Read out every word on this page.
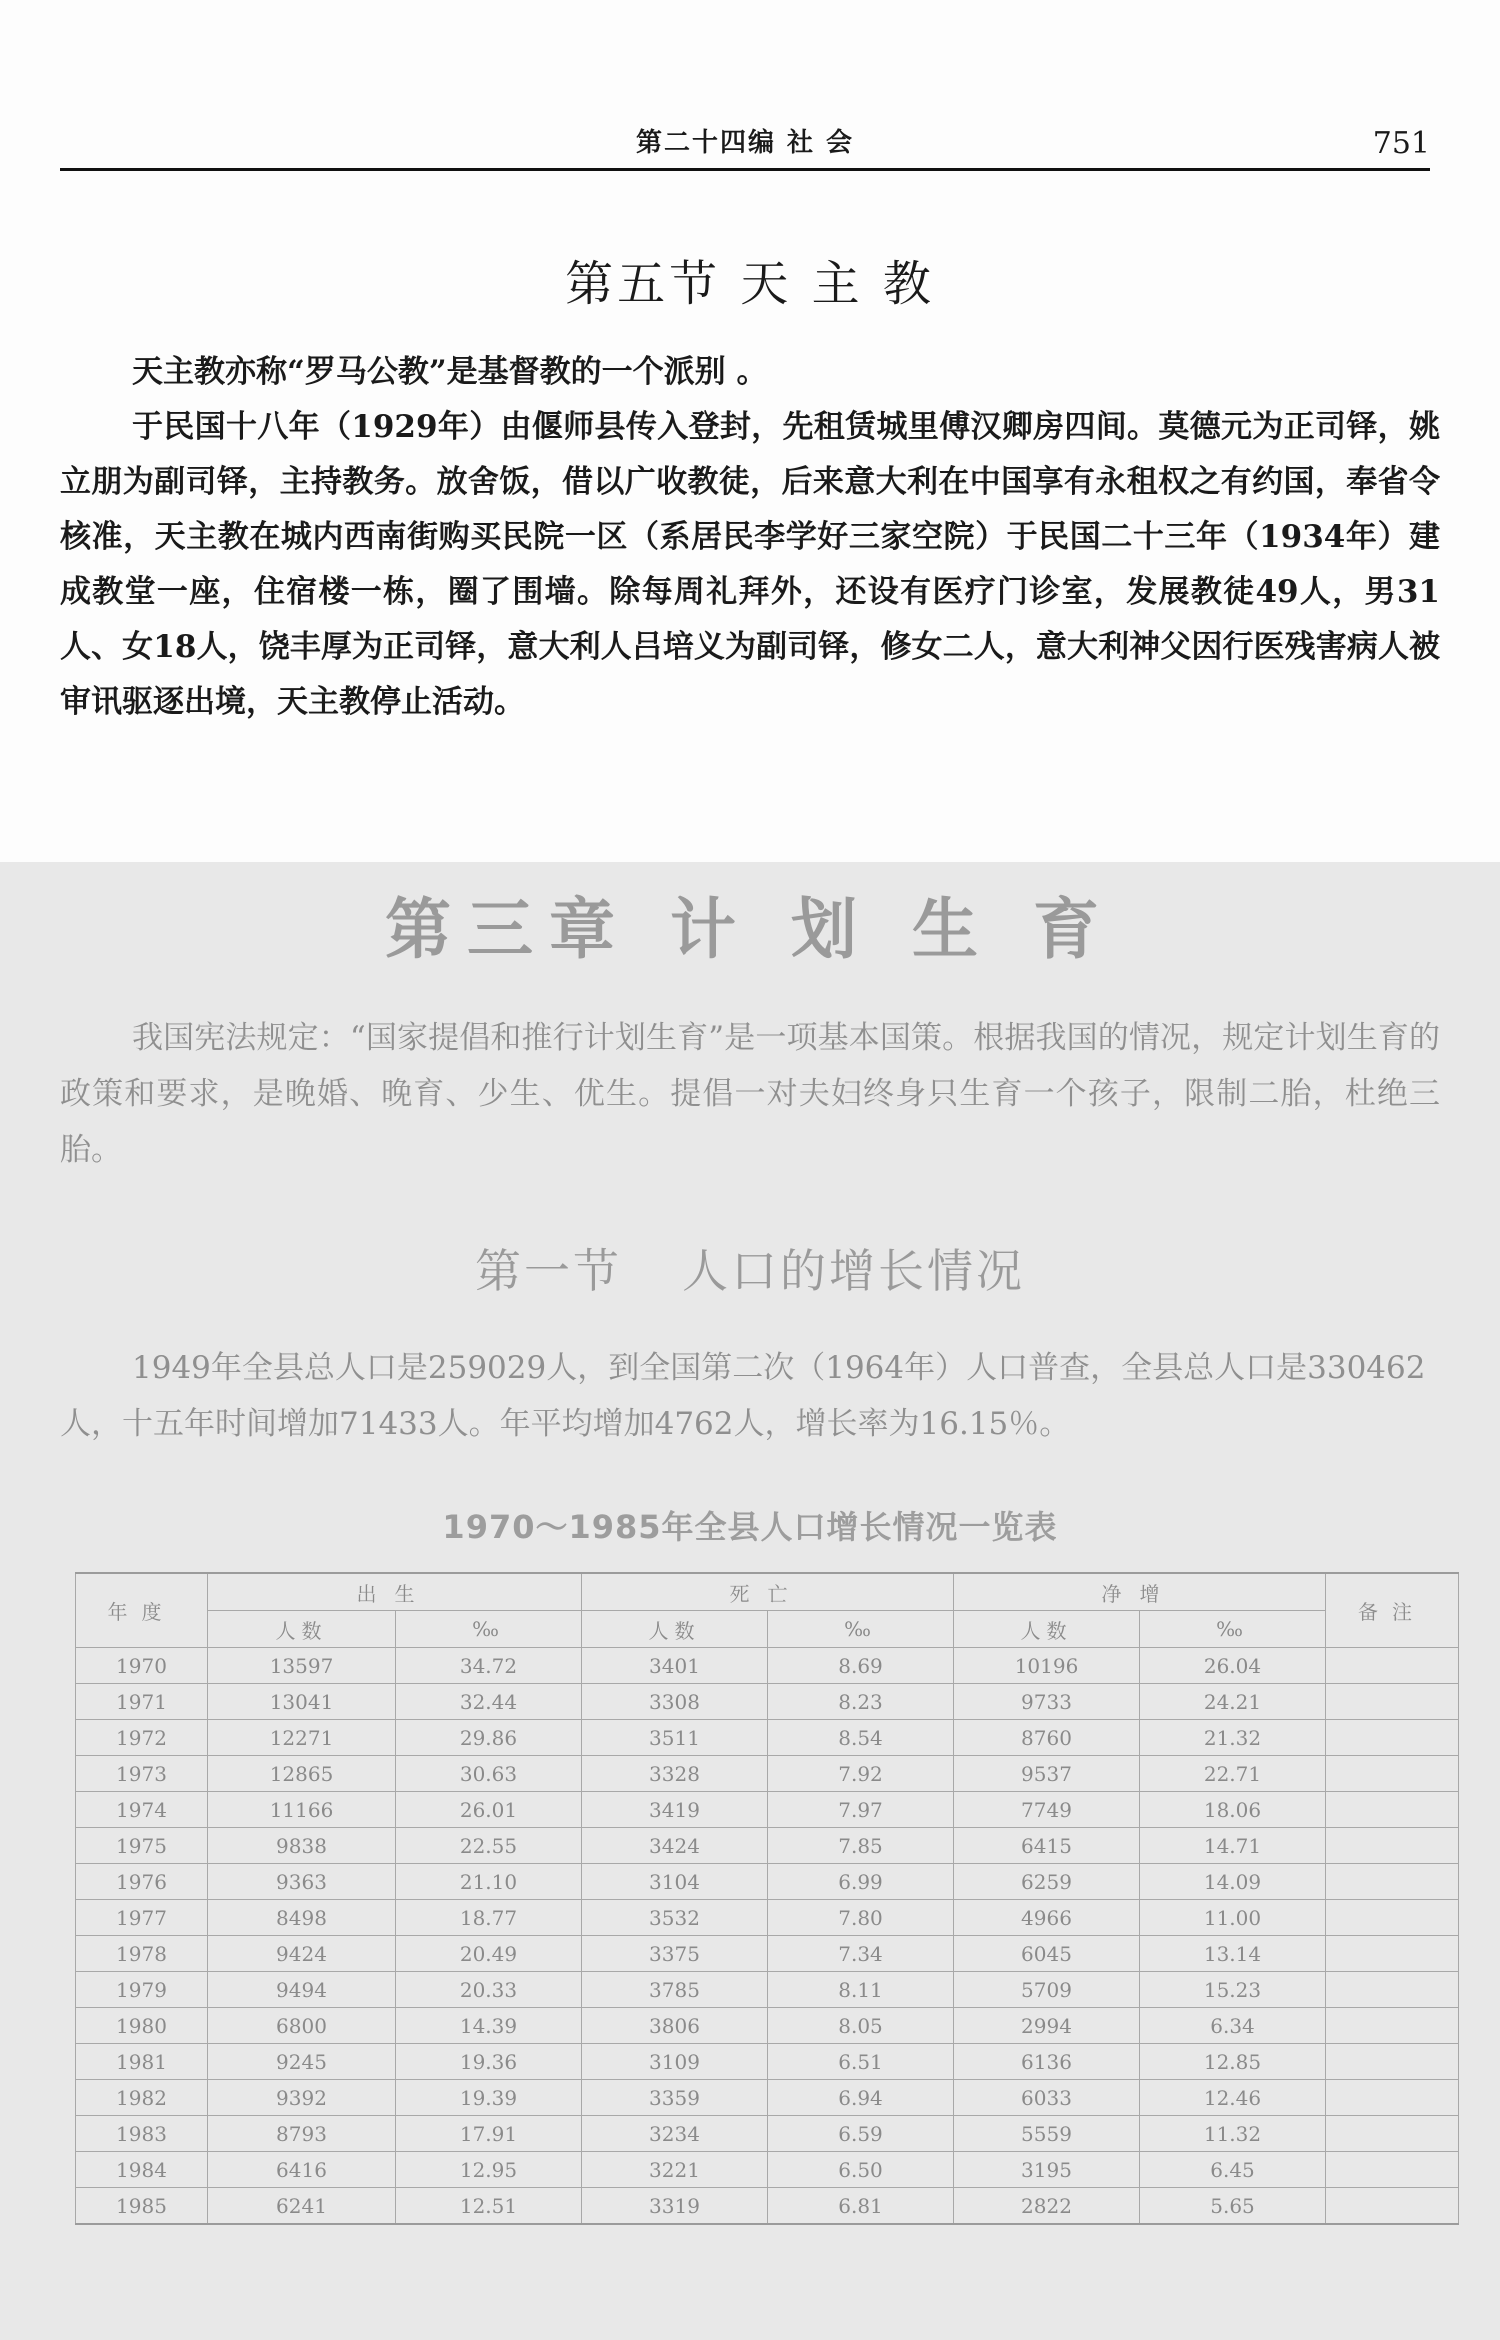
第二十四编 社 会	751
第五节 天 主 教

天主教亦称“罗马公教”是基督教的一个派别 。

于民国十八年（1929年）由偃师县传入登封，先租赁城里傅汉卿房四间。莫德元为正司铎，姚立朋为副司铎，主持教务。放舍饭，借以广收教徒，后来意大利在中国享有永租权之有约国，奉省令核准，天主教在城内西南街购买民院一区（系居民李学好三家空院）于民国二十三年（1934年）建成教堂一座，住宿楼一栋，圈了围墙。除每周礼拜外，还设有医疗门诊室，发展教徒49人，男31人、女18人，饶丰厚为正司铎，意大利人吕培义为副司铎，修女二人，意大利神父因行医残害病人被审讯驱逐出境，天主教停止活动。

第三章 计 划 生 育

我国宪法规定：“国家提倡和推行计划生育”是一项基本国策。根据我国的情况，规定计划生育的政策和要求，是晚婚、晚育、少生、优生。提倡一对夫妇终身只生育一个孩子，限制二胎，杜绝三胎。

第一节 人口的增长情况

1949年全县总人口是259029人，到全国第二次（1964年）人口普查，全县总人口是330462人，十五年时间增加71433人。年平均增加4762人，增长率为16.15％。

1970～1985年全县人口增长情况一览表
年度	出生		死亡		净增		备注
	人数	‰	人数	‰	人数	‰	
1970	13597	34.72	3401	8.69	10196	26.04	
1971	13041	32.44	3308	8.23	9733	24.21	
1972	12271	29.86	3511	8.54	8760	21.32	
1973	12865	30.63	3328	7.92	9537	22.71	
1974	11166	26.01	3419	7.97	7749	18.06	
1975	9838	22.55	3424	7.85	6415	14.71	
1976	9363	21.10	3104	6.99	6259	14.09	
1977	8498	18.77	3532	7.80	4966	11.00	
1978	9424	20.49	3375	7.34	6045	13.14	
1979	9494	20.33	3785	8.11	5709	15.23	
1980	6800	14.39	3806	8.05	2994	6.34	
1981	9245	19.36	3109	6.51	6136	12.85	
1982	9392	19.39	3359	6.94	6033	12.46	
1983	8793	17.91	3234	6.59	5559	11.32	
1984	6416	12.95	3221	6.50	3195	6.45	
1985	6241	12.51	3319	6.81	2822	5.65	
